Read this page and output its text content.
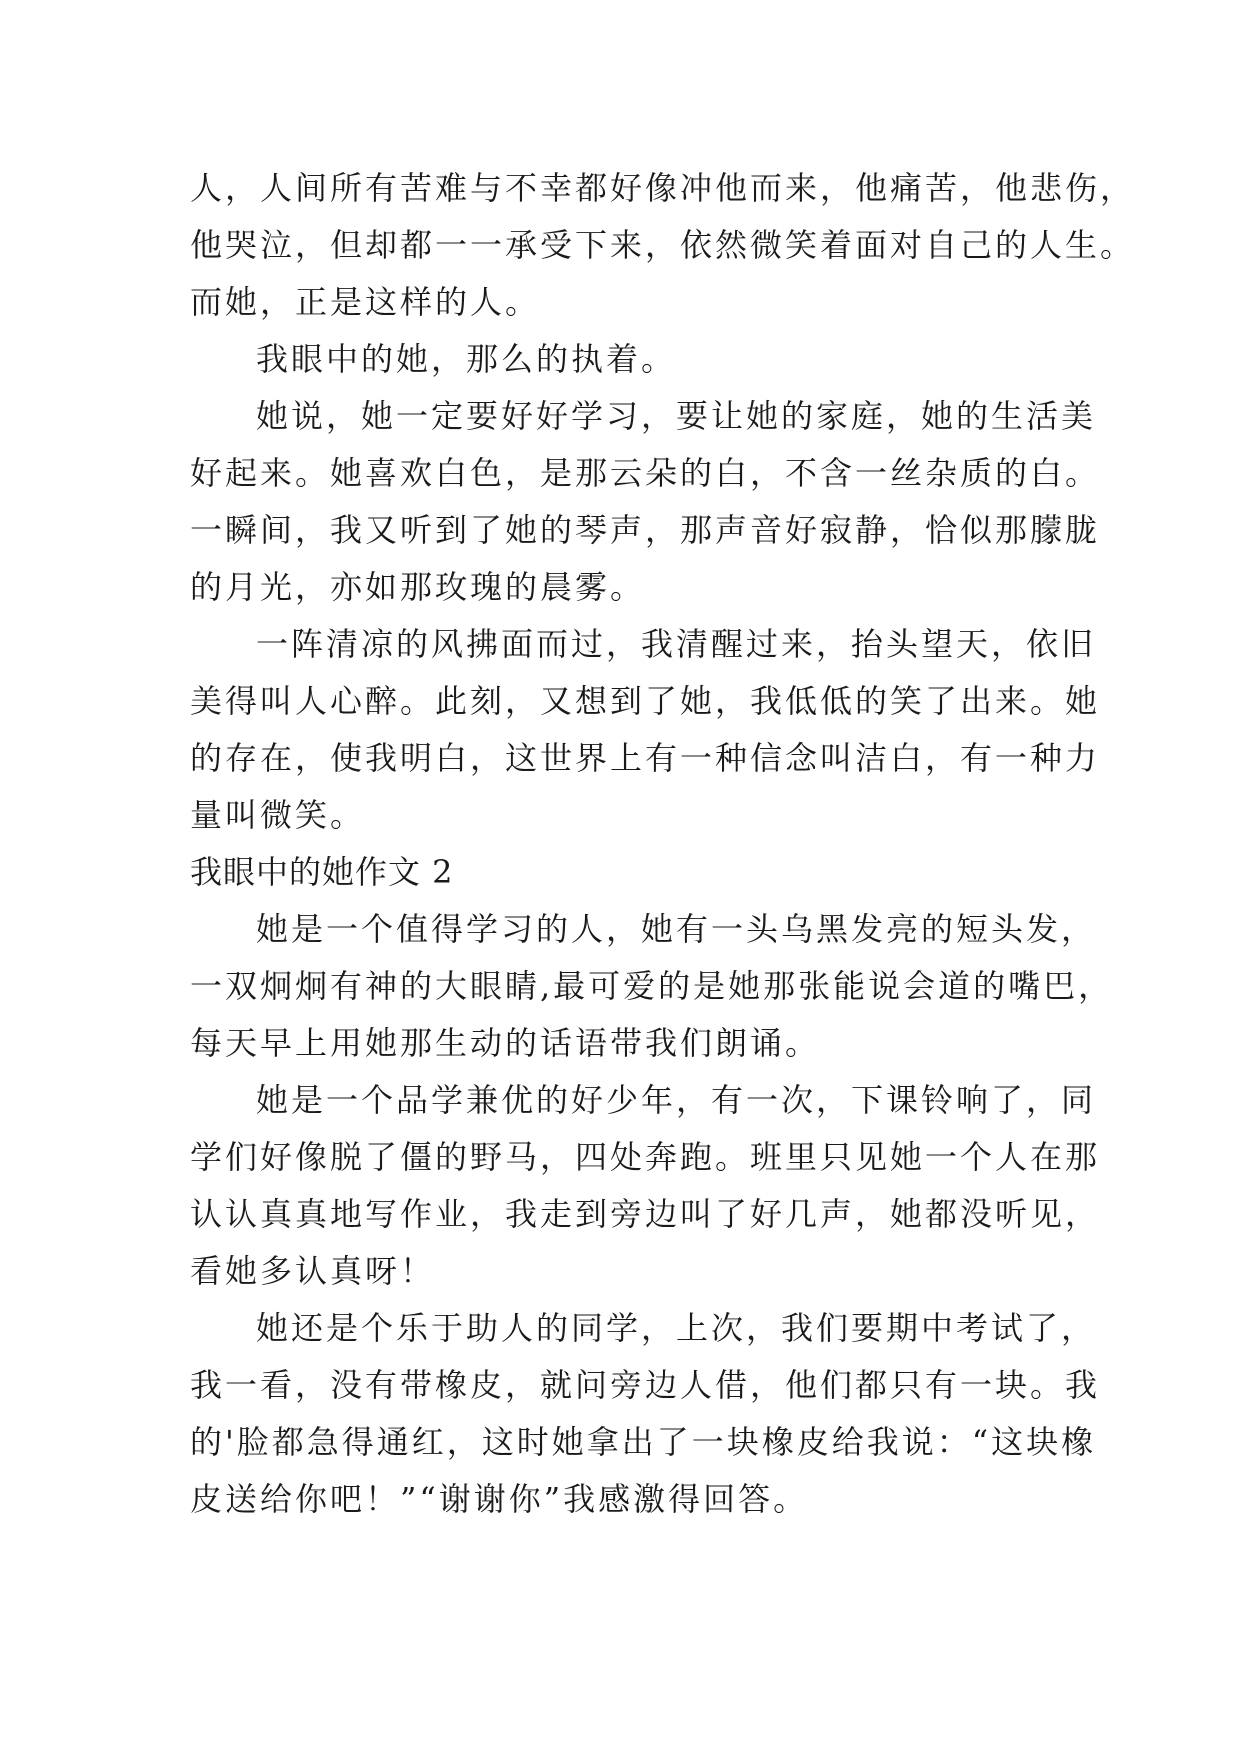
人，人间所有苦难与不幸都好像冲他而来，他痛苦，他悲伤，
他哭泣，但却都一一承受下来，依然微笑着面对自己的人生。
而她，正是这样的人。
我眼中的她，那么的执着。
她说，她一定要好好学习，要让她的家庭，她的生活美
好起来。她喜欢白色，是那云朵的白，不含一丝杂质的白。
一瞬间，我又听到了她的琴声，那声音好寂静，恰似那朦胧
的月光，亦如那玫瑰的晨雾。
一阵清凉的风拂面而过，我清醒过来，抬头望天，依旧
美得叫人心醉。此刻，又想到了她，我低低的笑了出来。她
的存在，使我明白，这世界上有一种信念叫洁白，有一种力
量叫微笑。
我眼中的她作文 2
她是一个值得学习的人，她有一头乌黑发亮的短头发，
一双炯炯有神的大眼睛,最可爱的是她那张能说会道的嘴巴，
每天早上用她那生动的话语带我们朗诵。
她是一个品学兼优的好少年，有一次，下课铃响了，同
学们好像脱了僵的野马，四处奔跑。班里只见她一个人在那
认认真真地写作业，我走到旁边叫了好几声，她都没听见，
看她多认真呀！
她还是个乐于助人的同学，上次，我们要期中考试了，
我一看，没有带橡皮，就问旁边人借，他们都只有一块。我
的'脸都急得通红，这时她拿出了一块橡皮给我说：“这块橡
皮送给你吧！”“谢谢你”我感激得回答。
